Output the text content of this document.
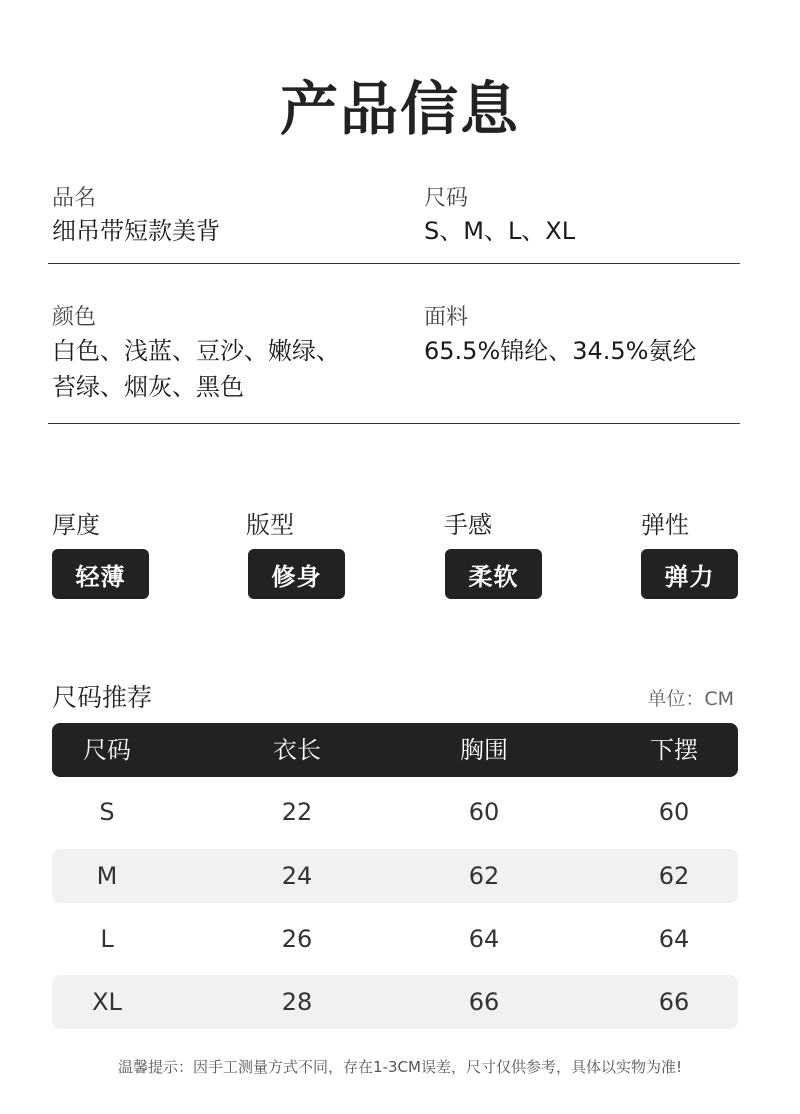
产品信息
品名
细吊带短款美背
尺码
S、M、L、XL
颜色
白色、浅蓝、豆沙、嫩绿、
苔绿、烟灰、黑色
面料
65.5%锦纶、34.5%氨纶
厚度
轻薄
版型
修身
手感
柔软
弹性
弹力
尺码推荐	单位：CM
尺码	衣长	胸围	下摆
S	22	60	60
M	24	62	62
L	26	64	64
XL	28	66	66
温馨提示：因手工测量方式不同，存在1-3CM误差，尺寸仅供参考，具体以实物为准!
